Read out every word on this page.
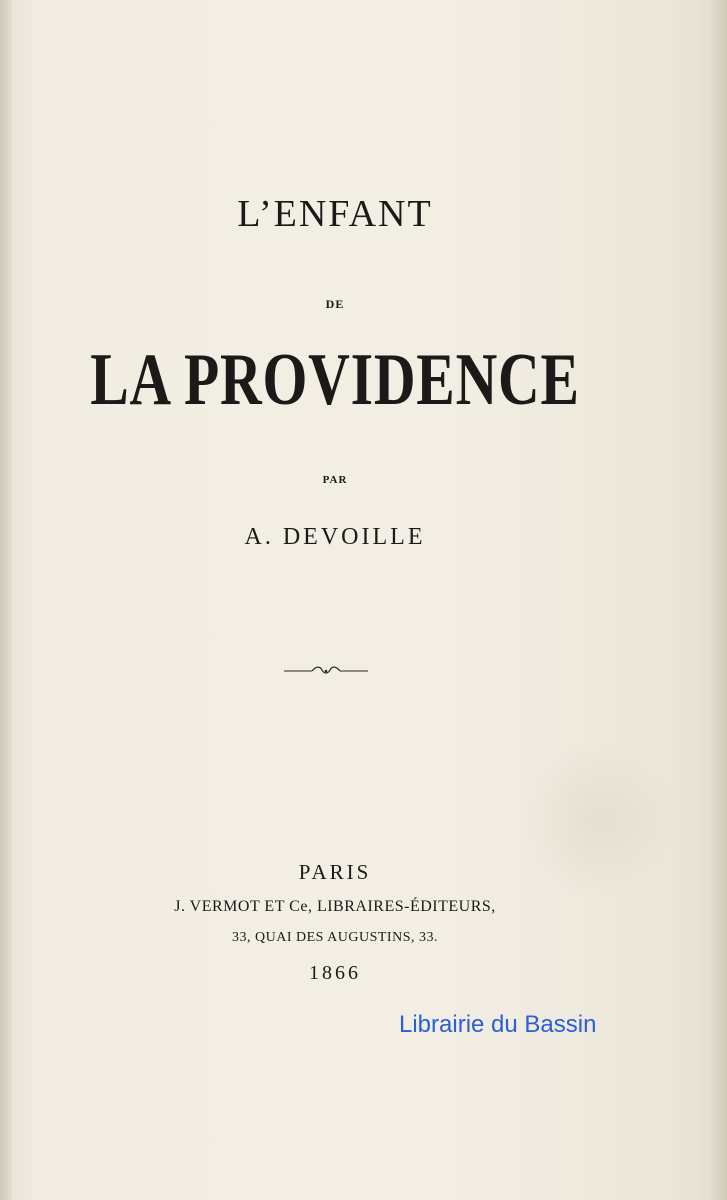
L’ENFANT
DE
LA PROVIDENCE
PAR
A. DEVOILLE
PARIS
J. VERMOT ET Ce, LIBRAIRES-ÉDITEURS,
33, QUAI DES AUGUSTINS, 33.
1866
Librairie du Bassin
